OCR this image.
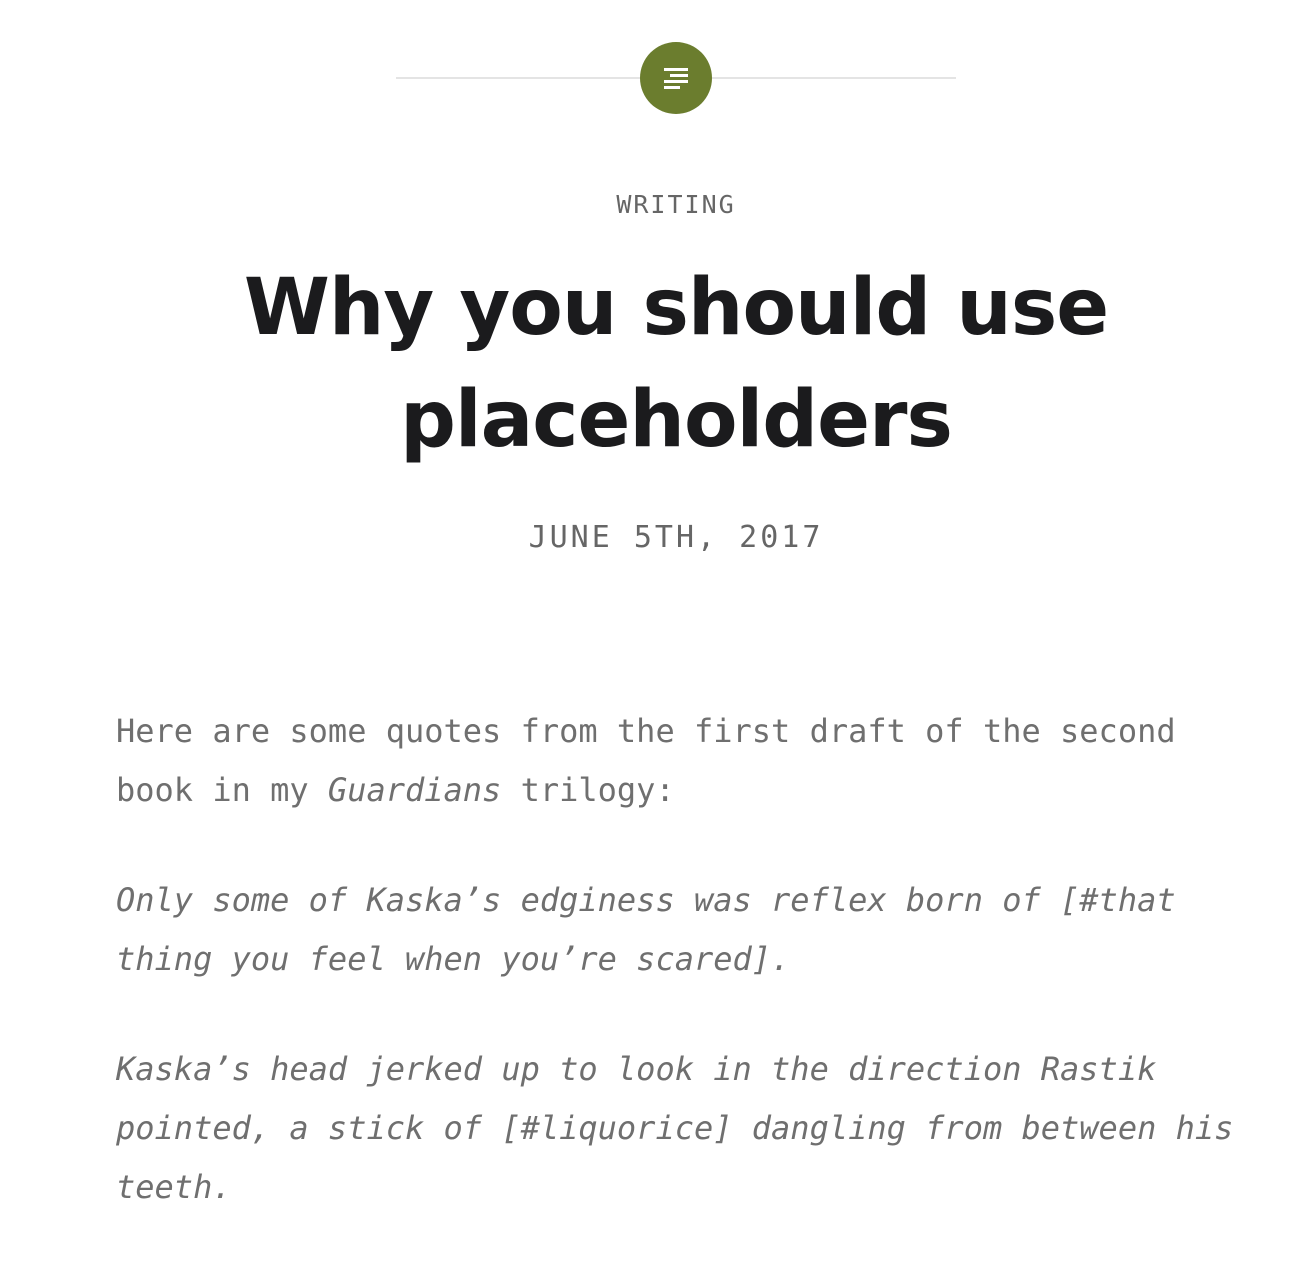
WRITING
Why you should use placeholders
JUNE 5TH, 2017

Here are some quotes from the first draft of the second book in my Guardians trilogy:

Only some of Kaska’s edginess was reflex born of [#that thing you feel when you’re scared].

Kaska’s head jerked up to look in the direction Rastik pointed, a stick of [#liquorice] dangling from between his teeth.
